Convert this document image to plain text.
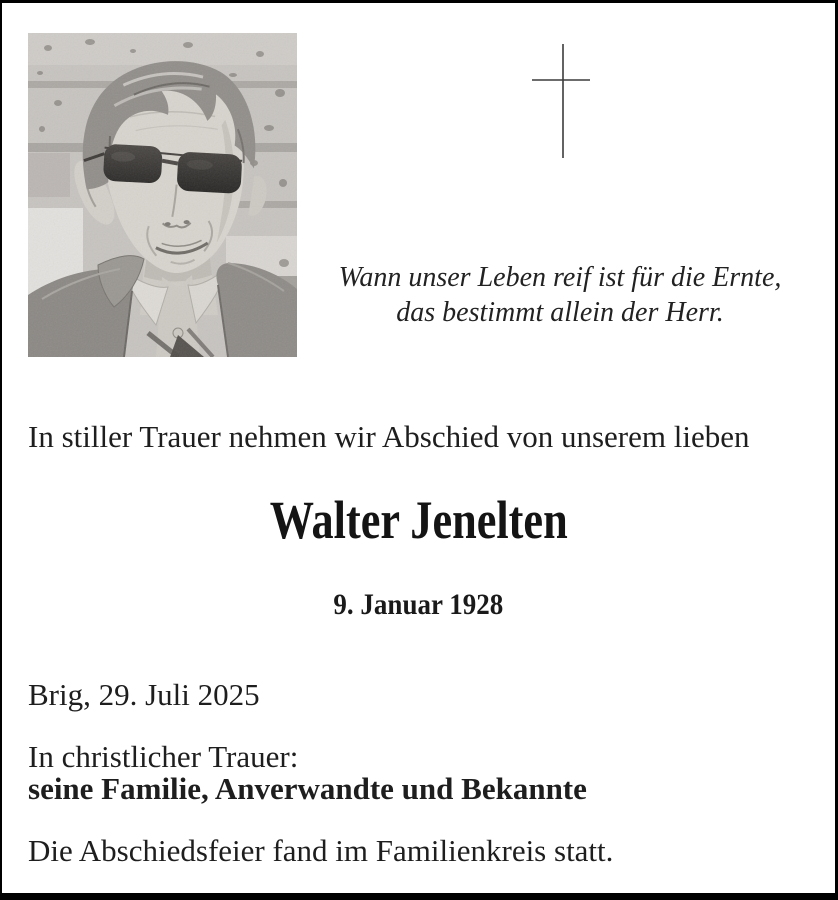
Wann unser Leben reif ist für die Ernte,
das bestimmt allein der Herr.
In stiller Trauer nehmen wir Abschied von unserem lieben
Walter Jenelten
9. Januar 1928
Brig, 29. Juli 2025
In christlicher Trauer:
seine Familie, Anverwandte und Bekannte
Die Abschiedsfeier fand im Familienkreis statt.
